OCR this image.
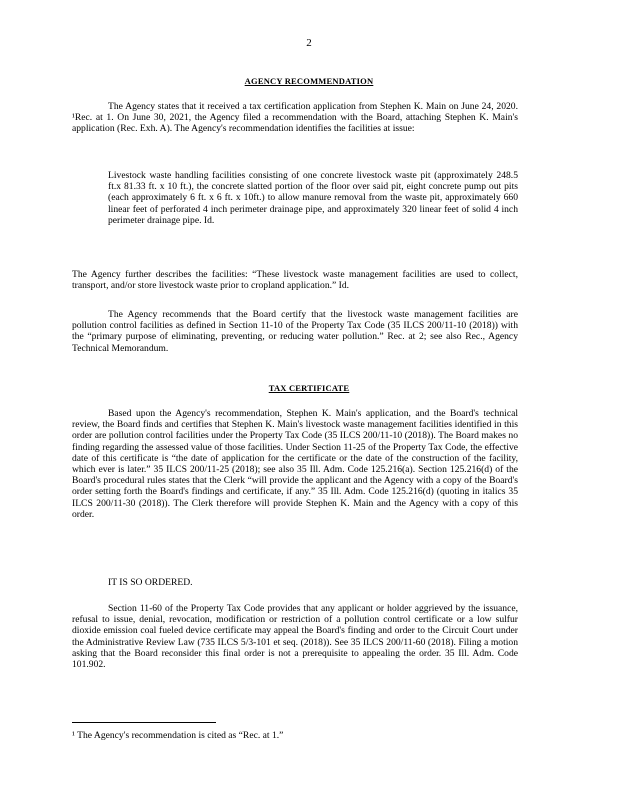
2
AGENCY RECOMMENDATION

The Agency states that it received a tax certification application from Stephen K. Main on June 24, 2020. ¹Rec. at 1. On June 30, 2021, the Agency filed a recommendation with the Board, attaching Stephen K. Main's application (Rec. Exh. A). The Agency's recommendation identifies the facilities at issue:

Livestock waste handling facilities consisting of one concrete livestock waste pit (approximately 248.5 ft.x 81.33 ft. x 10 ft.), the concrete slatted portion of the floor over said pit, eight concrete pump out pits (each approximately 6 ft. x 6 ft. x 10ft.) to allow manure removal from the waste pit, approximately 660 linear feet of perforated 4 inch perimeter drainage pipe, and approximately 320 linear feet of solid 4 inch perimeter drainage pipe. Id.

The Agency further describes the facilities: “These livestock waste management facilities are used to collect, transport, and/or store livestock waste prior to cropland application.” Id.

The Agency recommends that the Board certify that the livestock waste management facilities are pollution control facilities as defined in Section 11-10 of the Property Tax Code (35 ILCS 200/11-10 (2018)) with the “primary purpose of eliminating, preventing, or reducing water pollution.” Rec. at 2; see also Rec., Agency Technical Memorandum.

TAX CERTIFICATE

Based upon the Agency's recommendation, Stephen K. Main's application, and the Board's technical review, the Board finds and certifies that Stephen K. Main's livestock waste management facilities identified in this order are pollution control facilities under the Property Tax Code (35 ILCS 200/11-10 (2018)). The Board makes no finding regarding the assessed value of those facilities. Under Section 11-25 of the Property Tax Code, the effective date of this certificate is “the date of application for the certificate or the date of the construction of the facility, which ever is later.” 35 ILCS 200/11-25 (2018); see also 35 Ill. Adm. Code 125.216(a). Section 125.216(d) of the Board's procedural rules states that the Clerk “will provide the applicant and the Agency with a copy of the Board's order setting forth the Board's findings and certificate, if any.” 35 Ill. Adm. Code 125.216(d) (quoting in italics 35 ILCS 200/11-30 (2018)). The Clerk therefore will provide Stephen K. Main and the Agency with a copy of this order.

IT IS SO ORDERED.

Section 11-60 of the Property Tax Code provides that any applicant or holder aggrieved by the issuance, refusal to issue, denial, revocation, modification or restriction of a pollution control certificate or a low sulfur dioxide emission coal fueled device certificate may appeal the Board's finding and order to the Circuit Court under the Administrative Review Law (735 ILCS 5/3-101 et seq. (2018)). See 35 ILCS 200/11-60 (2018). Filing a motion asking that the Board reconsider this final order is not a prerequisite to appealing the order. 35 Ill. Adm. Code 101.902.

¹ The Agency's recommendation is cited as “Rec. at 1.”
